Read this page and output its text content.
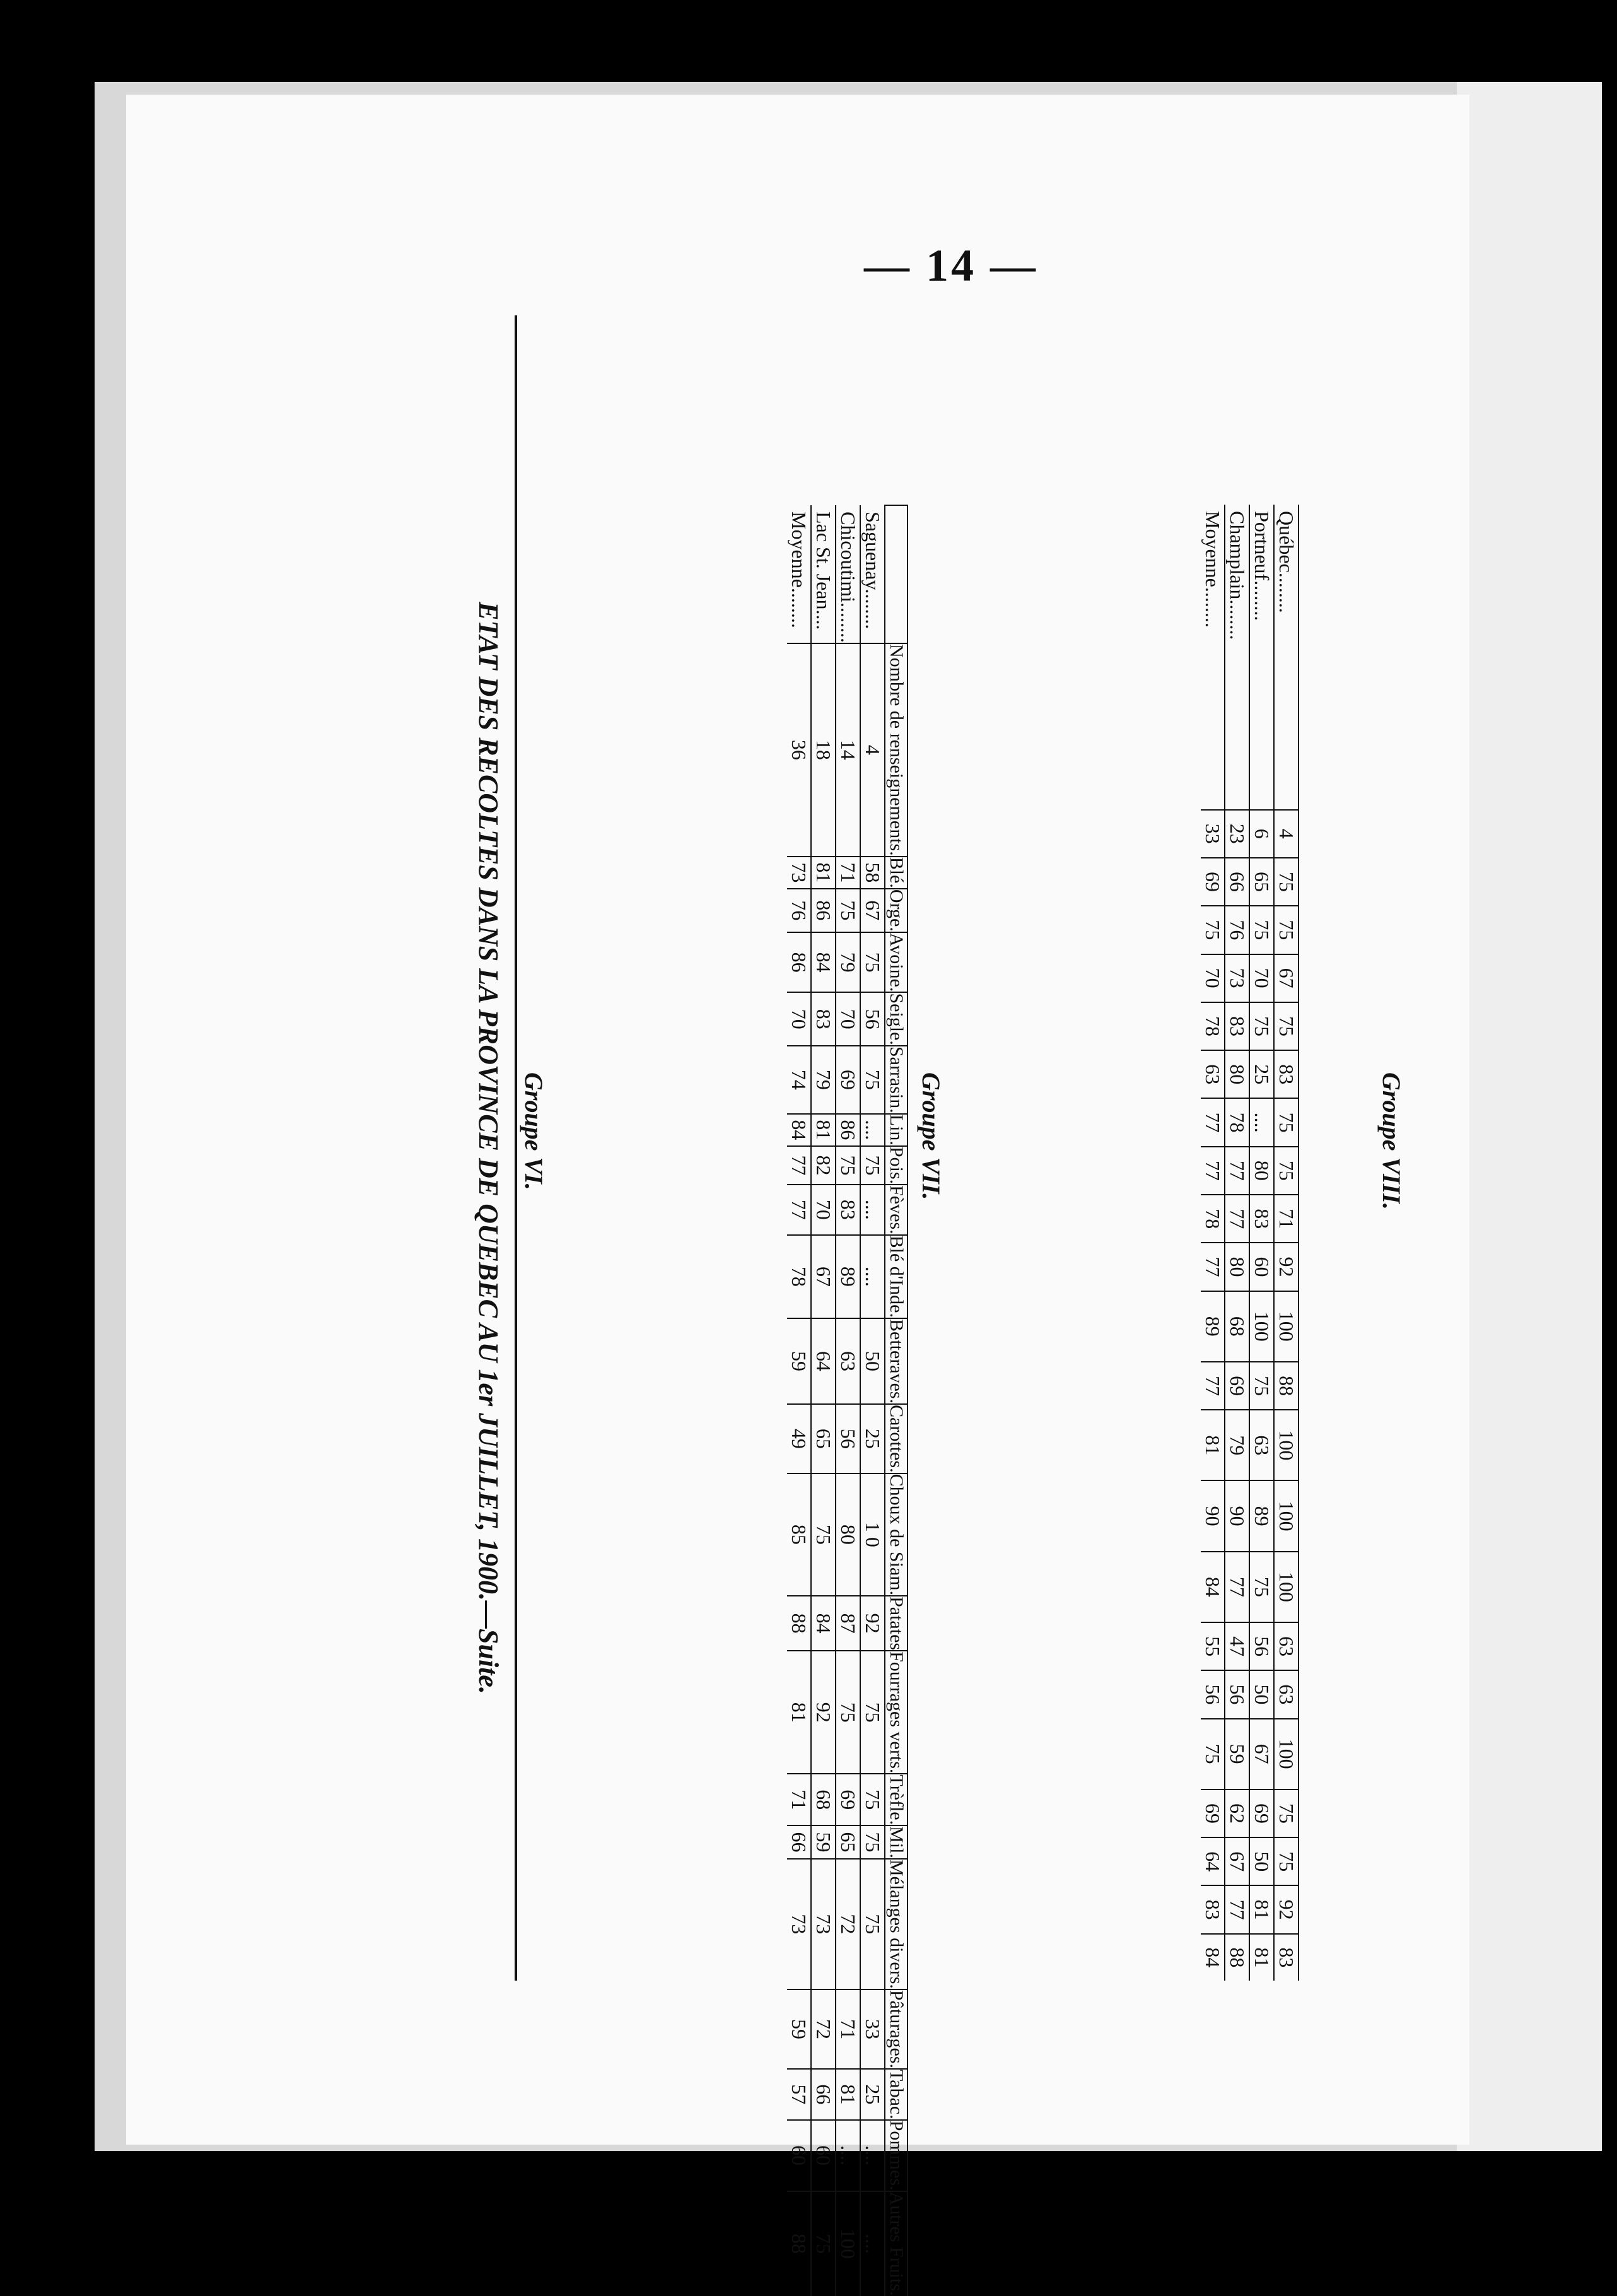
— 14 —
ETAT DES RECOLTES DANS LA PROVINCE DE QUEBEC AU 1er JUILLET, 1900.—Suite. Groupe VI.
	Nombre de renseignements.	Blé.	Orge.	Avoine.	Seigle.	Sarrasin.	Lin.	Pois.	Fèves.	Blé d'Inde.	Betteraves.	Carottes.	Choux de Siam.	Patates	Fourrages verts.	Trèfle.	Mil.	Mélanges divers.	Pâturages.	Tabac.	Pommes.	Autres Fruits.
Saguenay........	4	58	67	75	56	75	....	75	....	....	50	25	1 0	92	75	75	75	75	33	25	....	....
Chicoutimi........	14	71	75	79	70	69	86	75	83	89	63	56	80	87	75	69	65	72	71	81	....	100
Lac St. Jean....	18	81	86	84	83	79	81	82	70	67	64	65	75	84	92	68	59	73	72	66	60	75
Moyenne........	36	73	76	86	70	74	84	77	77	78	59	49	85	88	81	71	66	73	59	57	60	88
Groupe VII.
Québec........	4	75	75	67	75	83	75	75	71	92	100	88	100	100	100	63	63	100	75	75	92	83
Portneuf........	6	65	75	70	75	25	....	80	83	60	100	75	63	89	75	56	50	67	69	50	81	81
Champlain........	23	66	76	73	83	80	78	77	77	80	68	69	79	90	77	47	56	59	62	67	77	88
Moyenne........	33	69	75	70	78	63	77	77	78	77	89	77	81	90	84	55	56	75	69	64	83	84
Groupe VIII.
